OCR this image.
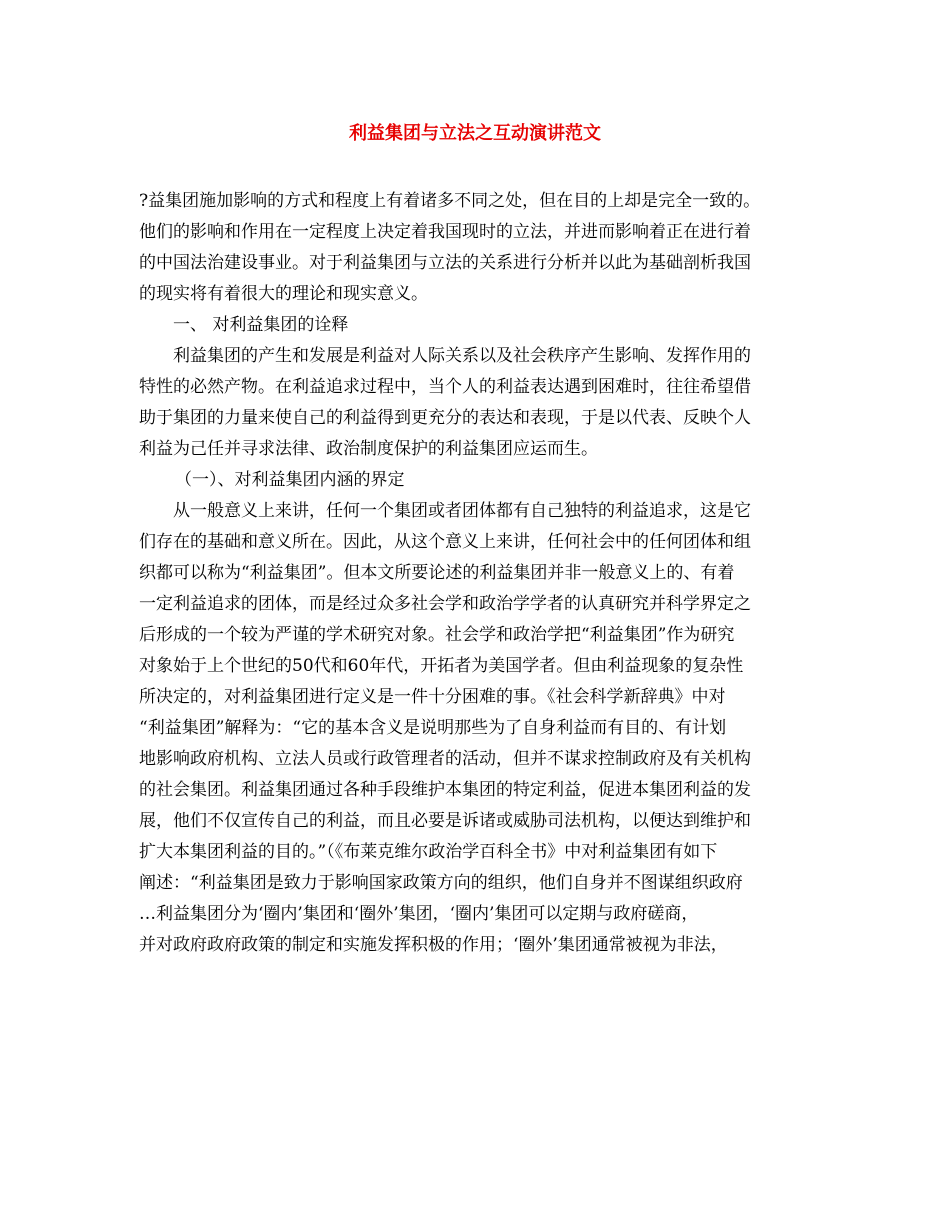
利益集团与立法之互动演讲范文

?益集团施加影响的方式和程度上有着诸多不同之处，但在目的上却是完全一致的。

他们的影响和作用在一定程度上决定着我国现时的立法，并进而影响着正在进行着

的中国法治建设事业。对于利益集团与立法的关系进行分析并以此为基础剖析我国

的现实将有着很大的理论和现实意义。

一、 对利益集团的诠释

利益集团的产生和发展是利益对人际关系以及社会秩序产生影响、发挥作用的

特性的必然产物。在利益追求过程中，当个人的利益表达遇到困难时，往往希望借

助于集团的力量来使自己的利益得到更充分的表达和表现，于是以代表、反映个人

利益为己任并寻求法律、政治制度保护的利益集团应运而生。

（一）、对利益集团内涵的界定

从一般意义上来讲，任何一个集团或者团体都有自己独特的利益追求，这是它

们存在的基础和意义所在。因此，从这个意义上来讲，任何社会中的任何团体和组

织都可以称为“利益集团”。但本文所要论述的利益集团并非一般意义上的、有着

一定利益追求的团体，而是经过众多社会学和政治学学者的认真研究并科学界定之

后形成的一个较为严谨的学术研究对象。社会学和政治学把“利益集团”作为研究

对象始于上个世纪的50代和60年代，开拓者为美国学者。但由利益现象的复杂性

所决定的，对利益集团进行定义是一件十分困难的事。《社会科学新辞典》中对

“利益集团”解释为：“它的基本含义是说明那些为了自身利益而有目的、有计划

地影响政府机构、立法人员或行政管理者的活动，但并不谋求控制政府及有关机构

的社会集团。利益集团通过各种手段维护本集团的特定利益，促进本集团利益的发

展，他们不仅宣传自己的利益，而且必要是诉诸或威胁司法机构，以便达到维护和

扩大本集团利益的目的。”（《布莱克维尔政治学百科全书》中对利益集团有如下

阐述：“利益集团是致力于影响国家政策方向的组织，他们自身并不图谋组织政府

…利益集团分为‘圈内’集团和‘圈外’集团，‘圈内’集团可以定期与政府磋商，

并对政府政府政策的制定和实施发挥积极的作用；‘圈外’集团通常被视为非法，
